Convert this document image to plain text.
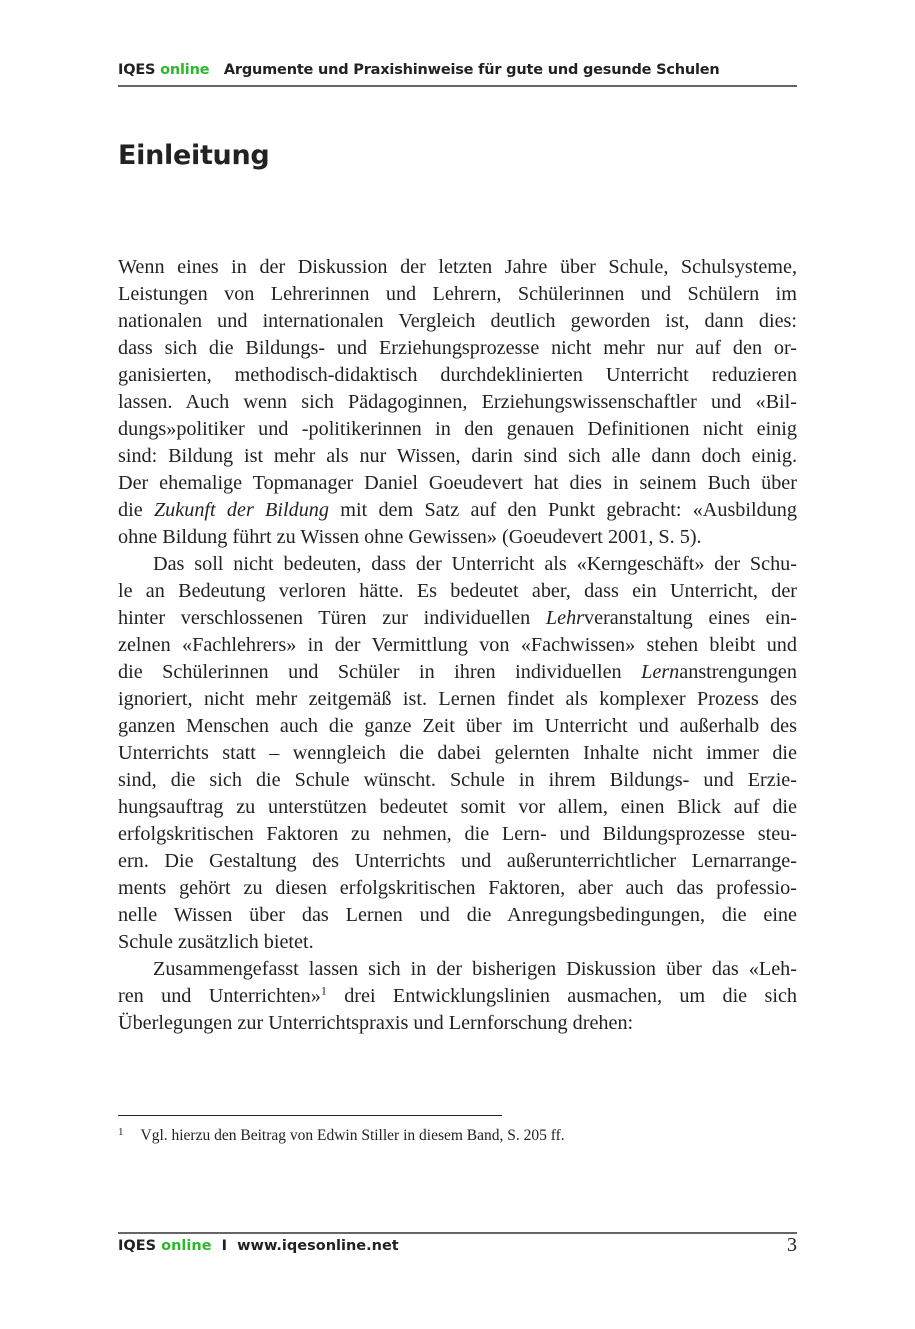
IQES online Argumente und Praxishinweise für gute und gesunde Schulen
Einleitung
Wenn eines in der Diskussion der letzten Jahre über Schule, Schulsysteme,
Leistungen von Lehrerinnen und Lehrern, Schülerinnen und Schülern im
nationalen und internationalen Vergleich deutlich geworden ist, dann dies:
dass sich die Bildungs- und Erziehungsprozesse nicht mehr nur auf den or-
ganisierten, methodisch-didaktisch durchdeklinierten Unterricht reduzieren
lassen. Auch wenn sich Pädagoginnen, Erziehungswissenschaftler und «Bil-
dungs»politiker und -politikerinnen in den genauen Definitionen nicht einig
sind: Bildung ist mehr als nur Wissen, darin sind sich alle dann doch einig.
Der ehemalige Topmanager Daniel Goeudevert hat dies in seinem Buch über
die Zukunft der Bildung mit dem Satz auf den Punkt gebracht: «Ausbildung
ohne Bildung führt zu Wissen ohne Gewissen» (Goeudevert 2001, S. 5).
Das soll nicht bedeuten, dass der Unterricht als «Kerngeschäft» der Schu-
le an Bedeutung verloren hätte. Es bedeutet aber, dass ein Unterricht, der
hinter verschlossenen Türen zur individuellen Lehrveranstaltung eines ein-
zelnen «Fachlehrers» in der Vermittlung von «Fachwissen» stehen bleibt und
die Schülerinnen und Schüler in ihren individuellen Lernanstrengungen
ignoriert, nicht mehr zeitgemäß ist. Lernen findet als komplexer Prozess des
ganzen Menschen auch die ganze Zeit über im Unterricht und außerhalb des
Unterrichts statt – wenngleich die dabei gelernten Inhalte nicht immer die
sind, die sich die Schule wünscht. Schule in ihrem Bildungs- und Erzie-
hungsauftrag zu unterstützen bedeutet somit vor allem, einen Blick auf die
erfolgskritischen Faktoren zu nehmen, die Lern- und Bildungsprozesse steu-
ern. Die Gestaltung des Unterrichts und außerunterrichtlicher Lernarrange-
ments gehört zu diesen erfolgskritischen Faktoren, aber auch das professio-
nelle Wissen über das Lernen und die Anregungsbedingungen, die eine
Schule zusätzlich bietet.
Zusammengefasst lassen sich in der bisherigen Diskussion über das «Leh-
ren und Unterrichten»$^1$ drei Entwicklungslinien ausmachen, um die sich
Überlegungen zur Unterrichtspraxis und Lernforschung drehen:
$^1$ Vgl. hierzu den Beitrag von Edwin Stiller in diesem Band, S. 205 ff.
IQES online I www.iqesonline.net	3
